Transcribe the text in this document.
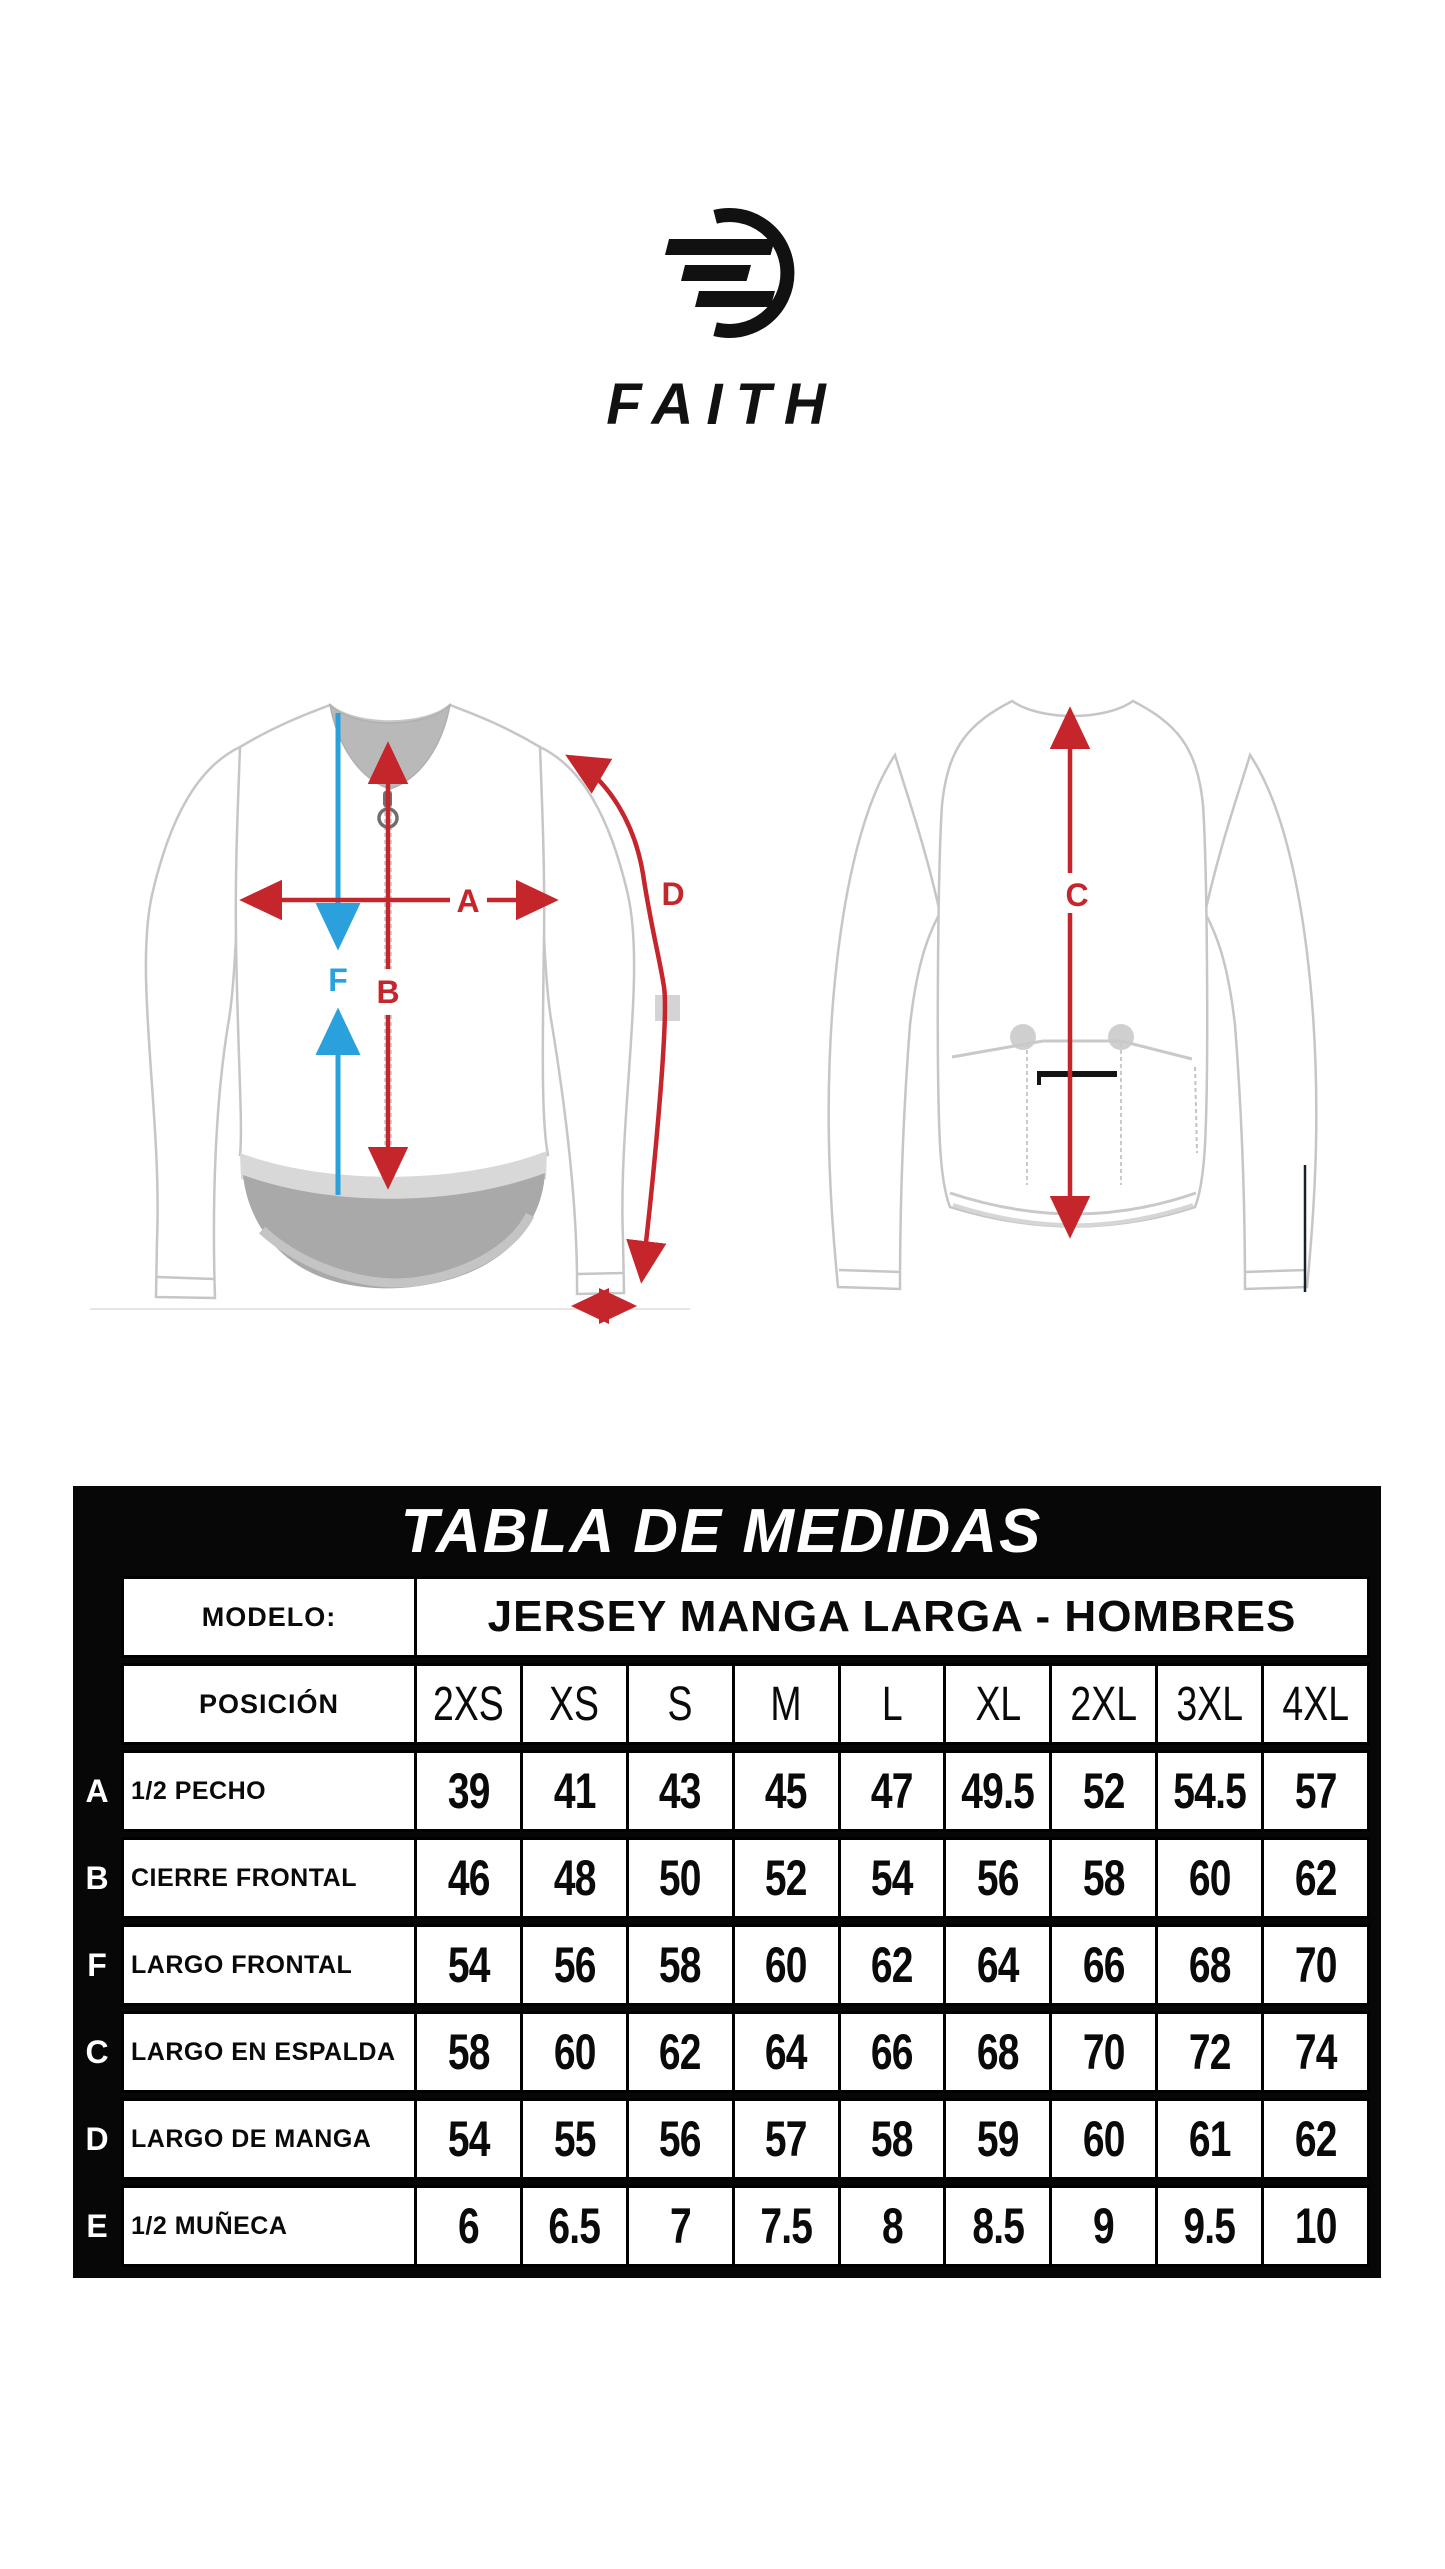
FAITH
F B
A	D
E
C
TABLA DE MEDIDAS
MODELO:	JERSEY MANGA LARGA - HOMBRES
POSICIÓN	2XS XS S M L XL 2XL 3XL 4XL
A 1/2 PECHO	39 41 43 45 47 49.5 52 54.5 57
B CIERRE FRONTAL	46 48 50 52 54 56 58 60 62
F LARGO FRONTAL	54 56 58 60 62 64 66 68 70
C LARGO EN ESPALDA	58 60 62 64 66 68 70 72 74
D LARGO DE MANGA	54 55 56 57 58 59 60 61 62
E 1/2 MUÑECA	6 6.5 7 7.5 8 8.5 9 9.5 10
